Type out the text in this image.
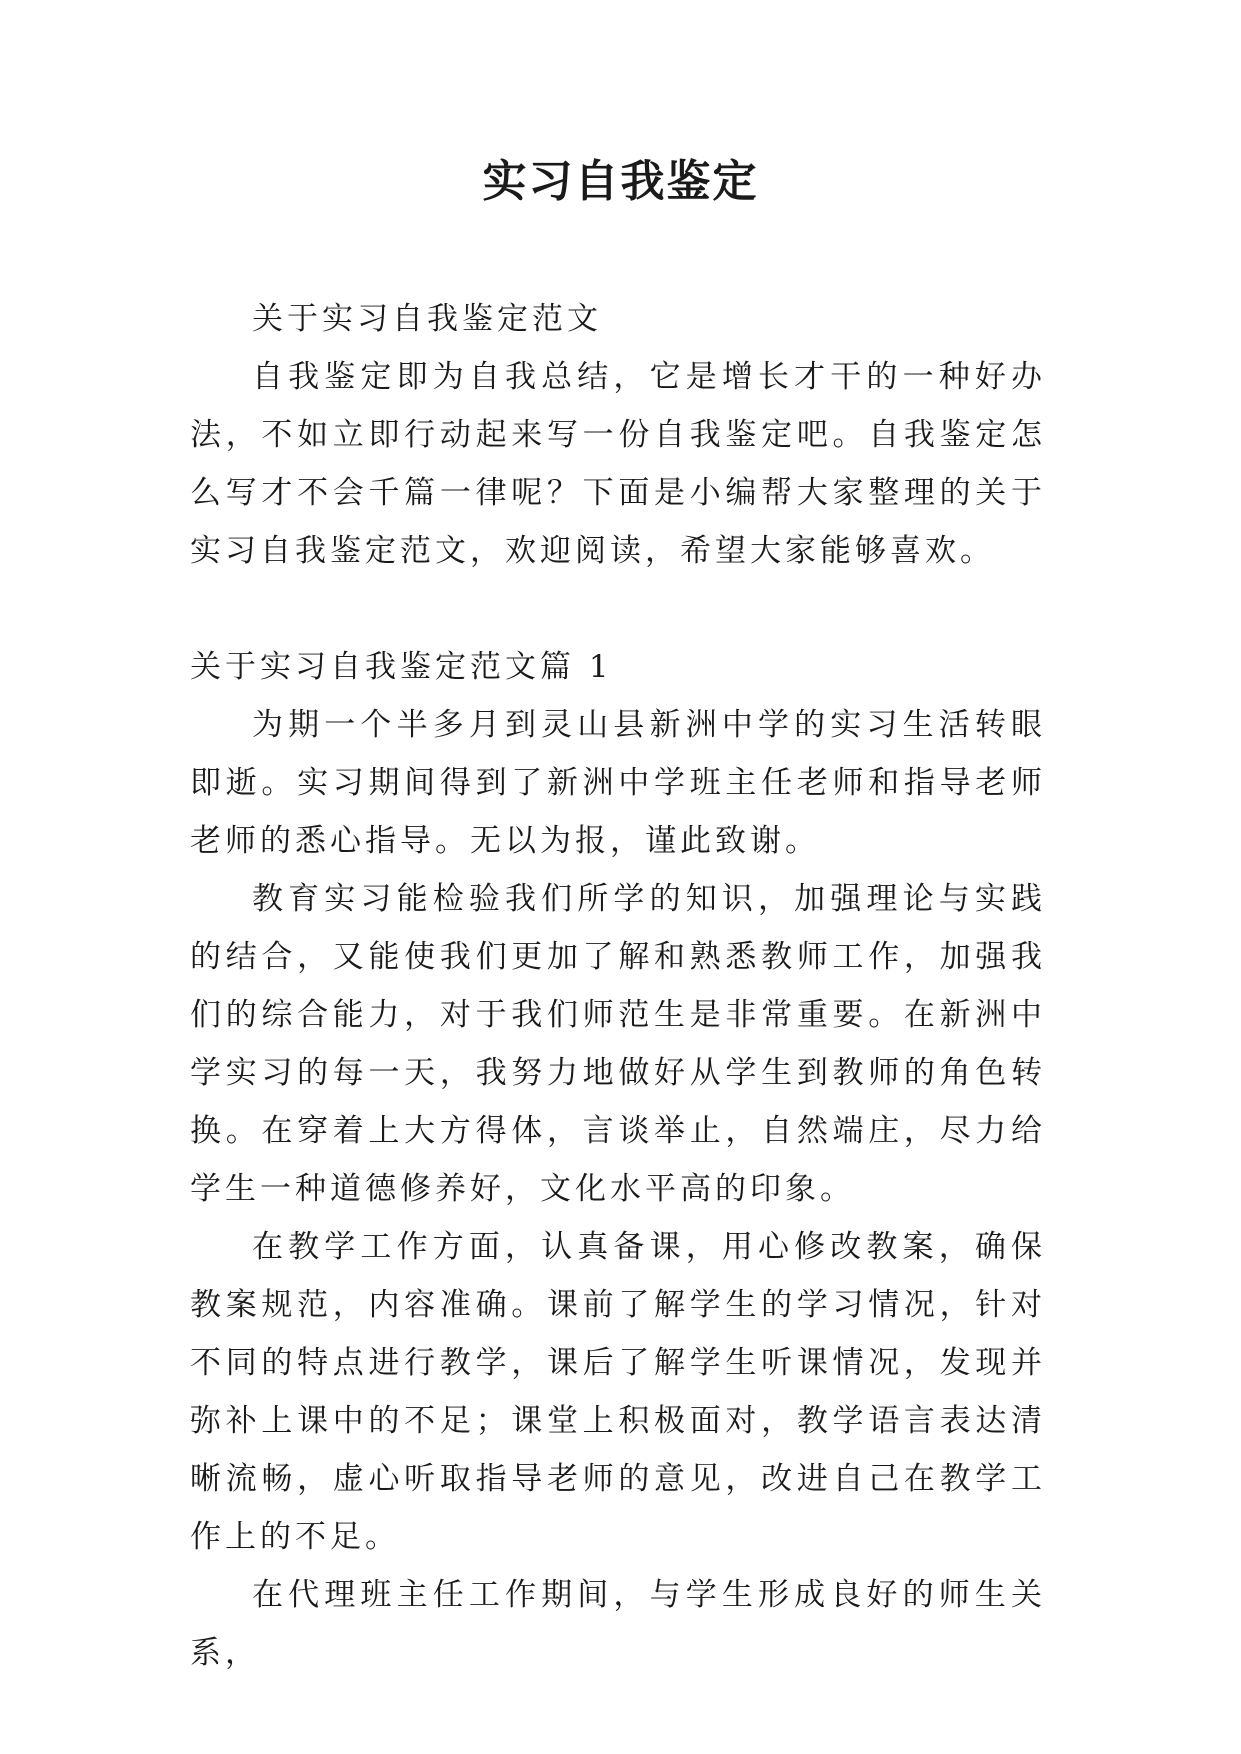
实习自我鉴定

关于实习自我鉴定范文

自我鉴定即为自我总结，它是增长才干的一种好办法，不如立即行动起来写一份自我鉴定吧。自我鉴定怎么写才不会千篇一律呢？下面是小编帮大家整理的关于实习自我鉴定范文，欢迎阅读，希望大家能够喜欢。

关于实习自我鉴定范文篇 1

为期一个半多月到灵山县新洲中学的实习生活转眼即逝。实习期间得到了新洲中学班主任老师和指导老师老师的悉心指导。无以为报，谨此致谢。

教育实习能检验我们所学的知识，加强理论与实践的结合，又能使我们更加了解和熟悉教师工作，加强我们的综合能力，对于我们师范生是非常重要。在新洲中学实习的每一天，我努力地做好从学生到教师的角色转换。在穿着上大方得体，言谈举止，自然端庄，尽力给学生一种道德修养好，文化水平高的印象。

在教学工作方面，认真备课，用心修改教案，确保教案规范，内容准确。课前了解学生的学习情况，针对不同的特点进行教学，课后了解学生听课情况，发现并弥补上课中的不足；课堂上积极面对，教学语言表达清晰流畅，虚心听取指导老师的意见，改进自己在教学工作上的不足。

在代理班主任工作期间，与学生形成良好的师生关系，
